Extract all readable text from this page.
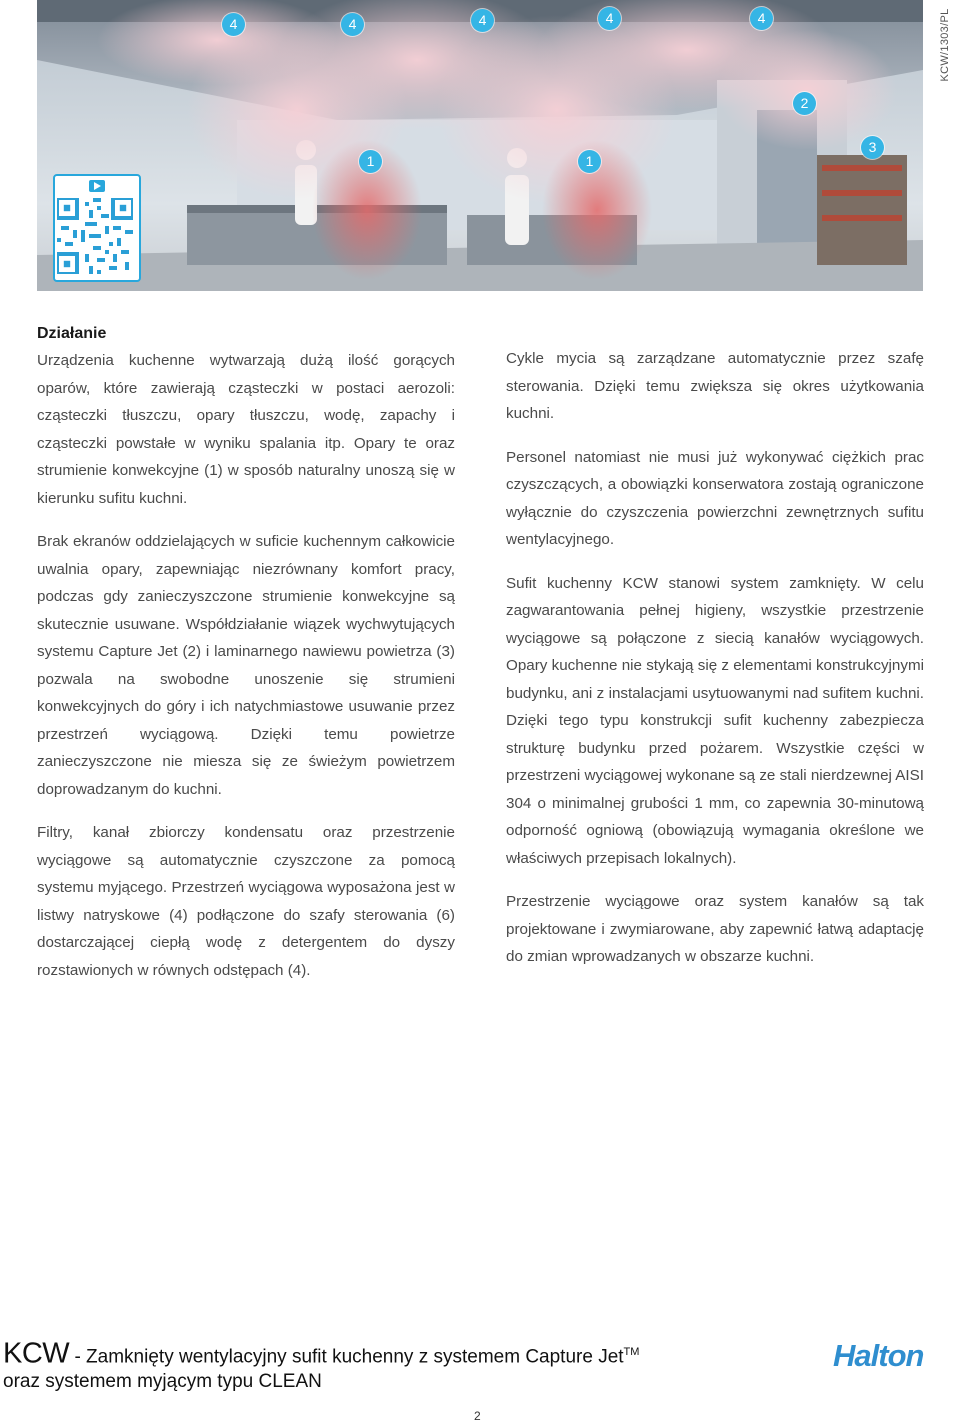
4	4	4	4	4
2
1	1
3
KCW/1303/PL
Działanie

Urządzenia kuchenne wytwarzają dużą ilość gorących oparów, które zawierają cząsteczki w postaci aerozoli: cząsteczki tłuszczu, opary tłuszczu, wodę, zapachy i cząsteczki powstałe w wyniku spalania itp. Opary te oraz strumienie konwekcyjne (1) w sposób naturalny unoszą się w kierunku sufitu kuchni.

Brak ekranów oddzielających w suficie kuchennym całkowicie uwalnia opary, zapewniając niezrównany komfort pracy, podczas gdy zanieczyszczone strumienie konwekcyjne są skutecznie usuwane. Współdziałanie wiązek wychwytujących systemu Capture Jet (2) i laminarnego nawiewu powietrza (3) pozwala na swobodne unoszenie się strumieni konwekcyjnych do góry i ich natychmiastowe usuwanie przez przestrzeń wyciągową. Dzięki temu powietrze zanieczyszczone nie miesza się ze świeżym powietrzem doprowadzanym do kuchni.

Filtry, kanał zbiorczy kondensatu oraz przestrzenie wyciągowe są automatycznie czyszczone za pomocą systemu myjącego. Przestrzeń wyciągowa wyposażona jest w listwy natryskowe (4) podłączone do szafy sterowania (6) dostarczającej ciepłą wodę z detergentem do dyszy rozstawionych w równych odstępach (4).

Cykle mycia są zarządzane automatycznie przez szafę sterowania. Dzięki temu zwiększa się okres użytkowania kuchni.

Personel natomiast nie musi już wykonywać ciężkich prac czyszczących, a obowiązki konserwatora zostają ograniczone wyłącznie do czyszczenia powierzchni zewnętrznych sufitu wentylacyjnego.

Sufit kuchenny KCW stanowi system zamknięty. W celu zagwarantowania pełnej higieny, wszystkie przestrzenie wyciągowe są połączone z siecią kanałów wyciągowych. Opary kuchenne nie stykają się z elementami konstrukcyjnymi budynku, ani z instalacjami usytuowanymi nad sufitem kuchni. Dzięki tego typu konstrukcji sufit kuchenny zabezpiecza strukturę budynku przed pożarem. Wszystkie części w przestrzeni wyciągowej wykonane są ze stali nierdzewnej AISI 304 o minimalnej grubości 1 mm, co zapewnia 30-minutową odporność ogniową (obowiązują wymagania określone we właściwych przepisach lokalnych).

Przestrzenie wyciągowe oraz system kanałów są tak projektowane i zwymiarowane, aby zapewnić łatwą adaptację do zmian wprowadzanych w obszarze kuchni.

KCW - Zamknięty wentylacyjny sufit kuchenny z systemem Capture Jet™
oraz systemem myjącym typu CLEAN
Halton
2
